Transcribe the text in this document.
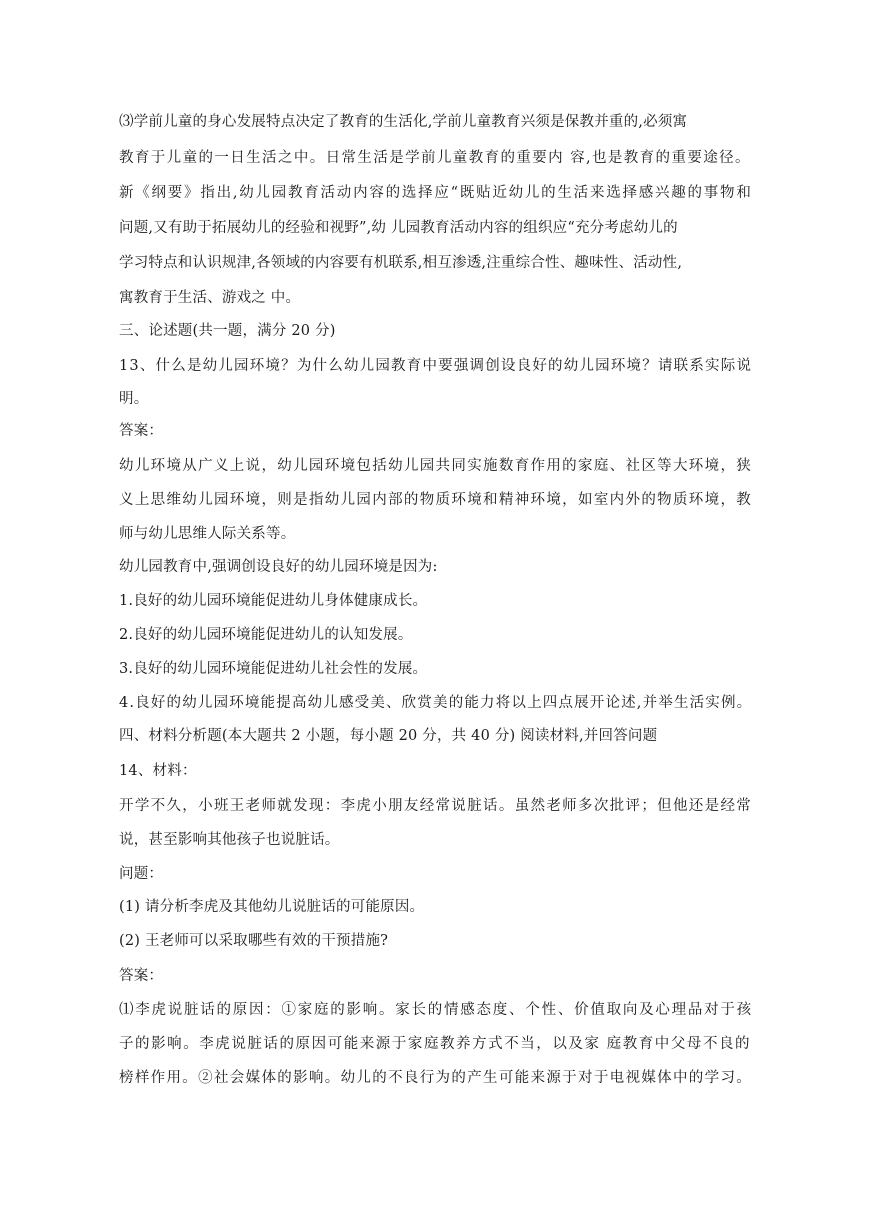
⑶学前儿童的身心发展特点决定了教育的生活化,学前儿童教育兴须是保教并重的,必须寓
教育于儿童的一日生活之中。日常生活是学前儿童教育的重要内 容,也是教育的重要途径。
新《纲要》指出,幼儿园教育活动内容的选择应“既贴近幼儿的生活来选择感兴趣的事物和
问题,又有助于拓展幼儿的经验和视野”,幼 儿园教育活动内容的组织应“充分考虑幼儿的
学习特点和认识规津,各领域的内容要有机联系,相互渗透,注重综合性、趣味性、活动性,
寓教育于生活、游戏之 中。
三、论述题(共一题，满分 20 分)
13、什么是幼儿园环境？为什么幼儿园教育中要强调创设良好的幼儿园环境？请联系实际说
明。
答案：
幼儿环境从广义上说，幼儿园环境包括幼儿园共同实施数育作用的家庭、社区等大环境，狭
义上思维幼儿园环境，则是指幼儿园内部的物质环境和精神环境，如室内外的物质环境，教
师与幼儿思维人际关系等。
幼儿园教育中,强调创设良好的幼儿园环境是因为:
1.良好的幼儿园环境能促进幼儿身体健康成长。
2.良好的幼儿园环境能促进幼儿的认知发展。
3.良好的幼儿园环境能促进幼儿社会性的发展。
4.良好的幼儿园环境能提高幼儿感受美、欣赏美的能力将以上四点展开论述,并举生活实例。
四、材料分析题(本大题共 2 小题，每小题 20 分，共 40 分) 阅读材料,并回答问题
14、材料：
开学不久，小班王老师就发现：李虎小朋友经常说脏话。虽然老师多次批评；但他还是经常
说，甚至影响其他孩子也说脏话。
问题：
(1) 请分析李虎及其他幼儿说脏话的可能原因。
(2) 王老师可以采取哪些有效的干预措施?
答案：
⑴李虎说脏话的原因：①家庭的影响。家长的情感态度、个性、价值取向及心理品对于孩
子的影响。李虎说脏话的原因可能来源于家庭教养方式不当，以及家 庭教育中父母不良的
榜样作用。②社会媒体的影响。幼儿的不良行为的产生可能来源于对于电视媒体中的学习。
